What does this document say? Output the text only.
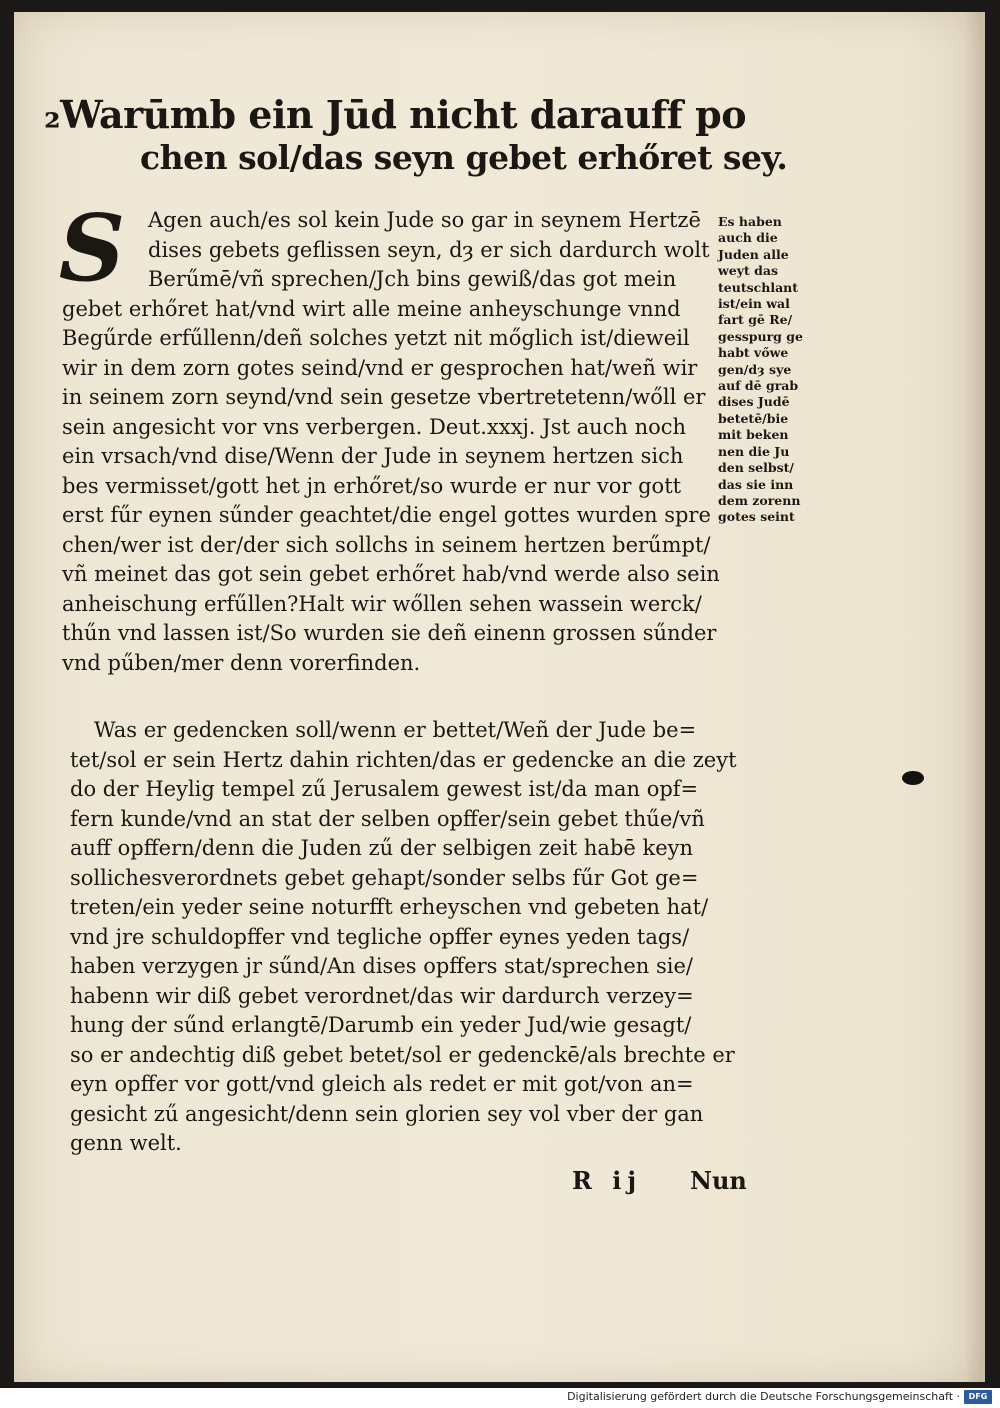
₂Warūmb ein Jūd nicht darauff po
chen sol/das seyn gebet erhőret sey.
S	Agen auch/es sol kein Jude so gar in seynem Hertzē
dises gebets geflissen seyn, dȝ er sich dardurch wolt
Berűmē/vñ sprechen/Jch bins gewiß/das got mein
gebet erhőret hat/vnd wirt alle meine anheyschunge vnnd
Begűrde erfűllenn/deñ solches yetzt nit mőglich ist/dieweil
wir in dem zorn gotes seind/vnd er gesprochen hat/weñ wir
in seinem zorn seynd/vnd sein gesetze vbertretetenn/wőll er
sein angesicht vor vns verbergen. Deut.xxxj. Jst auch noch
ein vrsach/vnd dise/Wenn der Jude in seynem hertzen sich
bes vermisset/gott het jn erhőret/so wurde er nur vor gott
erst fűr eynen sűnder geachtet/die engel gottes wurden spre
chen/wer ist der/der sich sollchs in seinem hertzen berűmpt/
vñ meinet das got sein gebet erhőret hab/vnd werde also sein
anheischung erfűllen?Halt wir wőllen sehen wassein werck/
thűn vnd lassen ist/So wurden sie deñ einenn grossen sűnder
vnd pűben/mer denn vorerfinden.
Es haben
auch die
Juden alle
weyt das
teutschlant
ist/ein wal
fart gē Re/
gesspurg ge
habt vőwe
gen/dȝ sye
auf dē grab
dises Judē
betetē/bie
mit beken
nen die Ju
den selbst/
das sie inn
dem zorenn
gotes seint
Was er gedencken soll/wenn er bettet/Weñ der Jude be=
tet/sol er sein Hertz dahin richten/das er gedencke an die zeyt
do der Heylig tempel zű Jerusalem gewest ist/da man opf=
fern kunde/vnd an stat der selben opffer/sein gebet thűe/vñ
auff opffern/denn die Juden zű der selbigen zeit habē keyn
sollichesverordnets gebet gehapt/sonder selbs fűr Got ge=
treten/ein yeder seine noturfft erheyschen vnd gebeten hat/
vnd jre schuldopffer vnd tegliche opffer eynes yeden tags/
haben verzygen jr sűnd/An dises opffers stat/sprechen sie/
habenn wir diß gebet verordnet/das wir dardurch verzey=
hung der sűnd erlangtē/Darumb ein yeder Jud/wie gesagt/
so er andechtig diß gebet betet/sol er gedenckē/als brechte er
eyn opffer vor gott/vnd gleich als redet er mit got/von an=
gesicht zű angesicht/denn sein glorien sey vol vber der gan
genn welt.
R ij Nun
Digitalisierung gefördert durch die Deutsche Forschungsgemeinschaft ·	DFG
